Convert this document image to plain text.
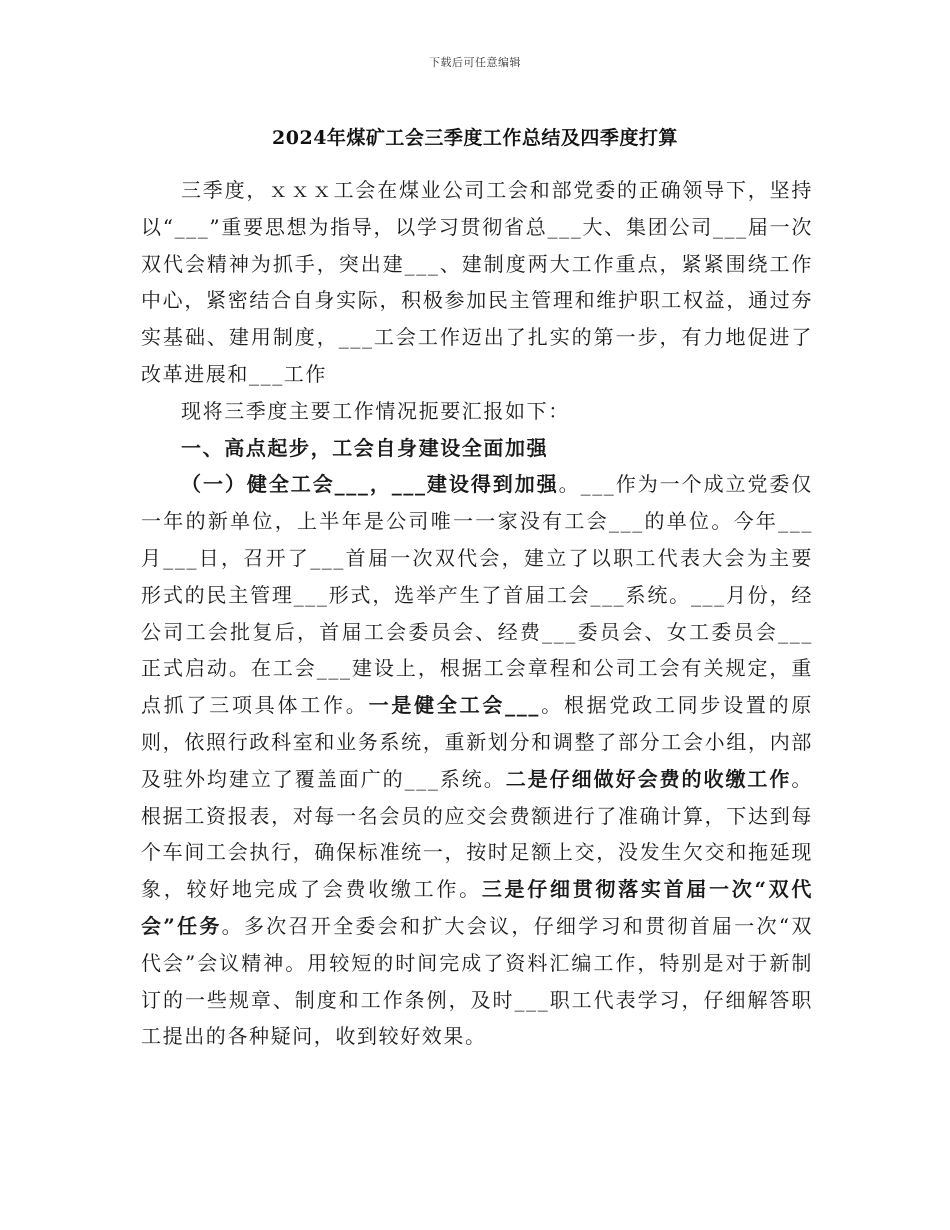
下载后可任意编辑
2024年煤矿工会三季度工作总结及四季度打算

三季度，ｘｘｘ工会在煤业公司工会和部党委的正确领导下，坚持以“___”重要思想为指导，以学习贯彻省总___大、集团公司___届一次双代会精神为抓手，突出建___、建制度两大工作重点，紧紧围绕工作中心，紧密结合自身实际，积极参加民主管理和维护职工权益，通过夯实基础、建用制度，___工会工作迈出了扎实的第一步，有力地促进了改革进展和___工作

现将三季度主要工作情况扼要汇报如下：

一、高点起步，工会自身建设全面加强

（一）健全工会___，___建设得到加强。___作为一个成立党委仅一年的新单位，上半年是公司唯一一家没有工会___的单位。今年___月___日，召开了___首届一次双代会，建立了以职工代表大会为主要形式的民主管理___形式，选举产生了首届工会___系统。___月份，经公司工会批复后，首届工会委员会、经费___委员会、女工委员会___正式启动。在工会___建设上，根据工会章程和公司工会有关规定，重点抓了三项具体工作。一是健全工会___。根据党政工同步设置的原则，依照行政科室和业务系统，重新划分和调整了部分工会小组，内部及驻外均建立了覆盖面广的___系统。二是仔细做好会费的收缴工作。根据工资报表，对每一名会员的应交会费额进行了准确计算，下达到每个车间工会执行，确保标准统一，按时足额上交，没发生欠交和拖延现象，较好地完成了会费收缴工作。三是仔细贯彻落实首届一次“双代会”任务。多次召开全委会和扩大会议，仔细学习和贯彻首届一次“双代会”会议精神。用较短的时间完成了资料汇编工作，特别是对于新制订的一些规章、制度和工作条例，及时___职工代表学习，仔细解答职工提出的各种疑问，收到较好效果。
